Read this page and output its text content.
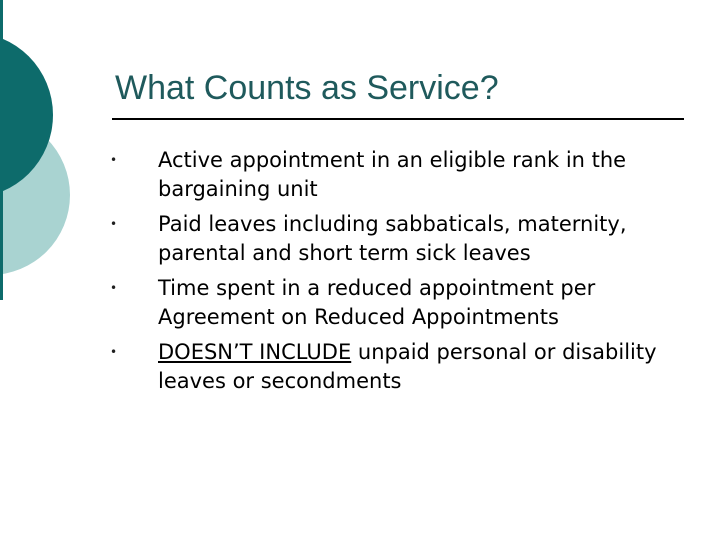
What Counts as Service?
• Active appointment in an eligible rank in the bargaining unit
• Paid leaves including sabbaticals, maternity, parental and short term sick leaves
• Time spent in a reduced appointment per Agreement on Reduced Appointments
• DOESN’T INCLUDE unpaid personal or disability leaves or secondments
